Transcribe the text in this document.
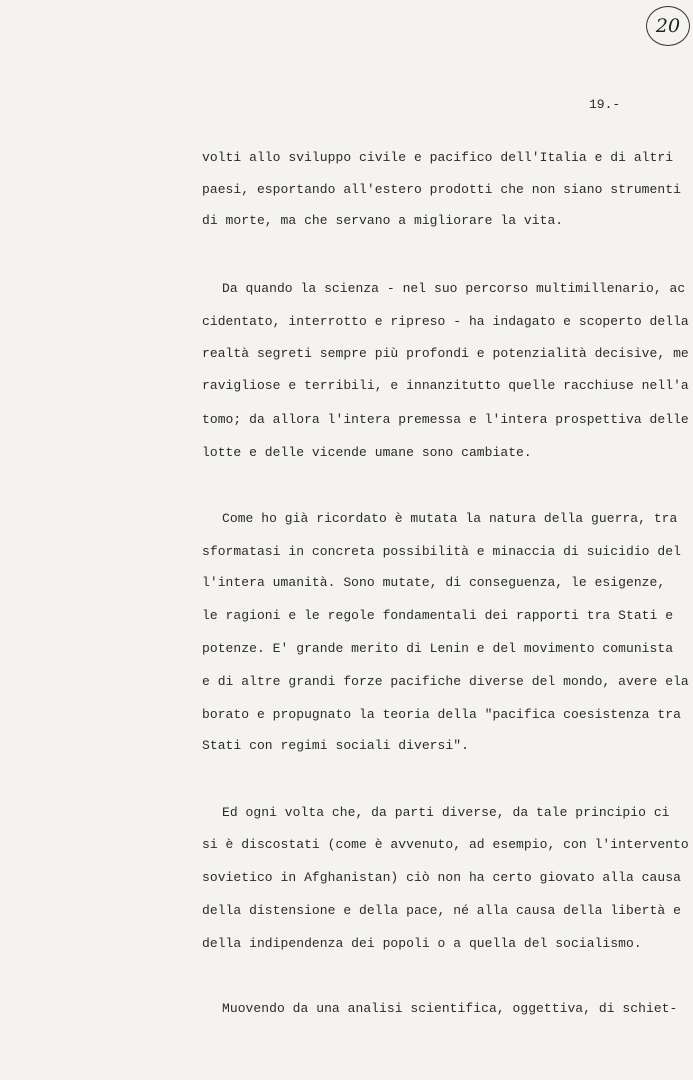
20
19.-
volti allo sviluppo civile e pacifico dell'Italia e di altri
paesi, esportando all'estero prodotti che non siano strumenti
di morte, ma che servano a migliorare la vita.
Da quando la scienza - nel suo percorso multimillenario, ac
cidentato, interrotto e ripreso - ha indagato e scoperto della
realtà segreti sempre più profondi e potenzialità decisive, me
ravigliose e terribili, e innanzitutto quelle racchiuse nell'a
tomo; da allora l'intera premessa e l'intera prospettiva delle
lotte e delle vicende umane sono cambiate.
Come ho già ricordato è mutata la natura della guerra, tra
sformatasi in concreta possibilità e minaccia di suicidio del
l'intera umanità. Sono mutate, di conseguenza, le esigenze,
le ragioni e le regole fondamentali dei rapporti tra Stati e
potenze. E' grande merito di Lenin e del movimento comunista
e di altre grandi forze pacifiche diverse del mondo, avere ela
borato e propugnato la teoria della "pacifica coesistenza tra
Stati con regimi sociali diversi".
Ed ogni volta che, da parti diverse, da tale principio ci
si è discostati (come è avvenuto, ad esempio, con l'intervento
sovietico in Afghanistan) ciò non ha certo giovato alla causa
della distensione e della pace, né alla causa della libertà e
della indipendenza dei popoli o a quella del socialismo.
Muovendo da una analisi scientifica, oggettiva, di schiet-
